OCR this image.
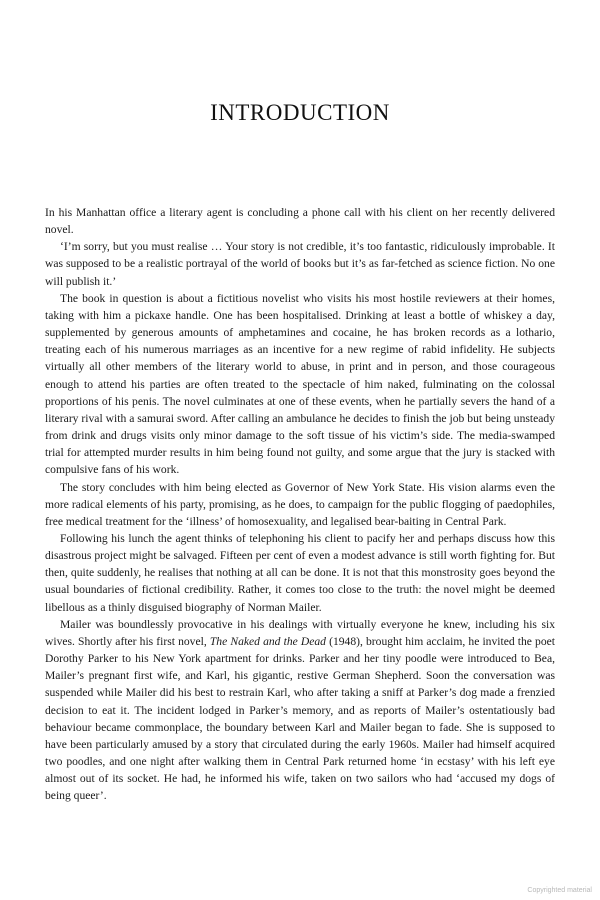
INTRODUCTION

In his Manhattan office a literary agent is concluding a phone call with his client on her recently delivered novel.

‘I’m sorry, but you must realise … Your story is not credible, it’s too fantastic, ridiculously improbable. It was supposed to be a realistic portrayal of the world of books but it’s as far-fetched as science fiction. No one will publish it.’

The book in question is about a fictitious novelist who visits his most hostile reviewers at their homes, taking with him a pickaxe handle. One has been hospitalised. Drinking at least a bottle of whiskey a day, supplemented by generous amounts of amphetamines and cocaine, he has broken records as a lothario, treating each of his numerous marriages as an incentive for a new regime of rabid infidelity. He subjects virtually all other members of the literary world to abuse, in print and in person, and those courageous enough to attend his parties are often treated to the spectacle of him naked, fulminating on the colossal proportions of his penis. The novel culminates at one of these events, when he partially severs the hand of a literary rival with a samurai sword. After calling an ambulance he decides to finish the job but being unsteady from drink and drugs visits only minor damage to the soft tissue of his victim’s side. The media-swamped trial for attempted murder results in him being found not guilty, and some argue that the jury is stacked with compulsive fans of his work.

The story concludes with him being elected as Governor of New York State. His vision alarms even the more radical elements of his party, promising, as he does, to campaign for the public flogging of paedophiles, free medical treatment for the ‘illness’ of homosexuality, and legalised bear-baiting in Central Park.

Following his lunch the agent thinks of telephoning his client to pacify her and perhaps discuss how this disastrous project might be salvaged. Fifteen per cent of even a modest advance is still worth fighting for. But then, quite suddenly, he realises that nothing at all can be done. It is not that this monstrosity goes beyond the usual boundaries of fictional credibility. Rather, it comes too close to the truth: the novel might be deemed libellous as a thinly disguised biography of Norman Mailer.

Mailer was boundlessly provocative in his dealings with virtually everyone he knew, including his six wives. Shortly after his first novel, The Naked and the Dead (1948), brought him acclaim, he invited the poet Dorothy Parker to his New York apartment for drinks. Parker and her tiny poodle were introduced to Bea, Mailer’s pregnant first wife, and Karl, his gigantic, restive German Shepherd. Soon the conversation was suspended while Mailer did his best to restrain Karl, who after taking a sniff at Parker’s dog made a frenzied decision to eat it. The incident lodged in Parker’s memory, and as reports of Mailer’s ostentatiously bad behaviour became commonplace, the boundary between Karl and Mailer began to fade. She is supposed to have been particularly amused by a story that circulated during the early 1960s. Mailer had himself acquired two poodles, and one night after walking them in Central Park returned home ‘in ecstasy’ with his left eye almost out of its socket. He had, he informed his wife, taken on two sailors who had ‘accused my dogs of being queer’.

Copyrighted material
